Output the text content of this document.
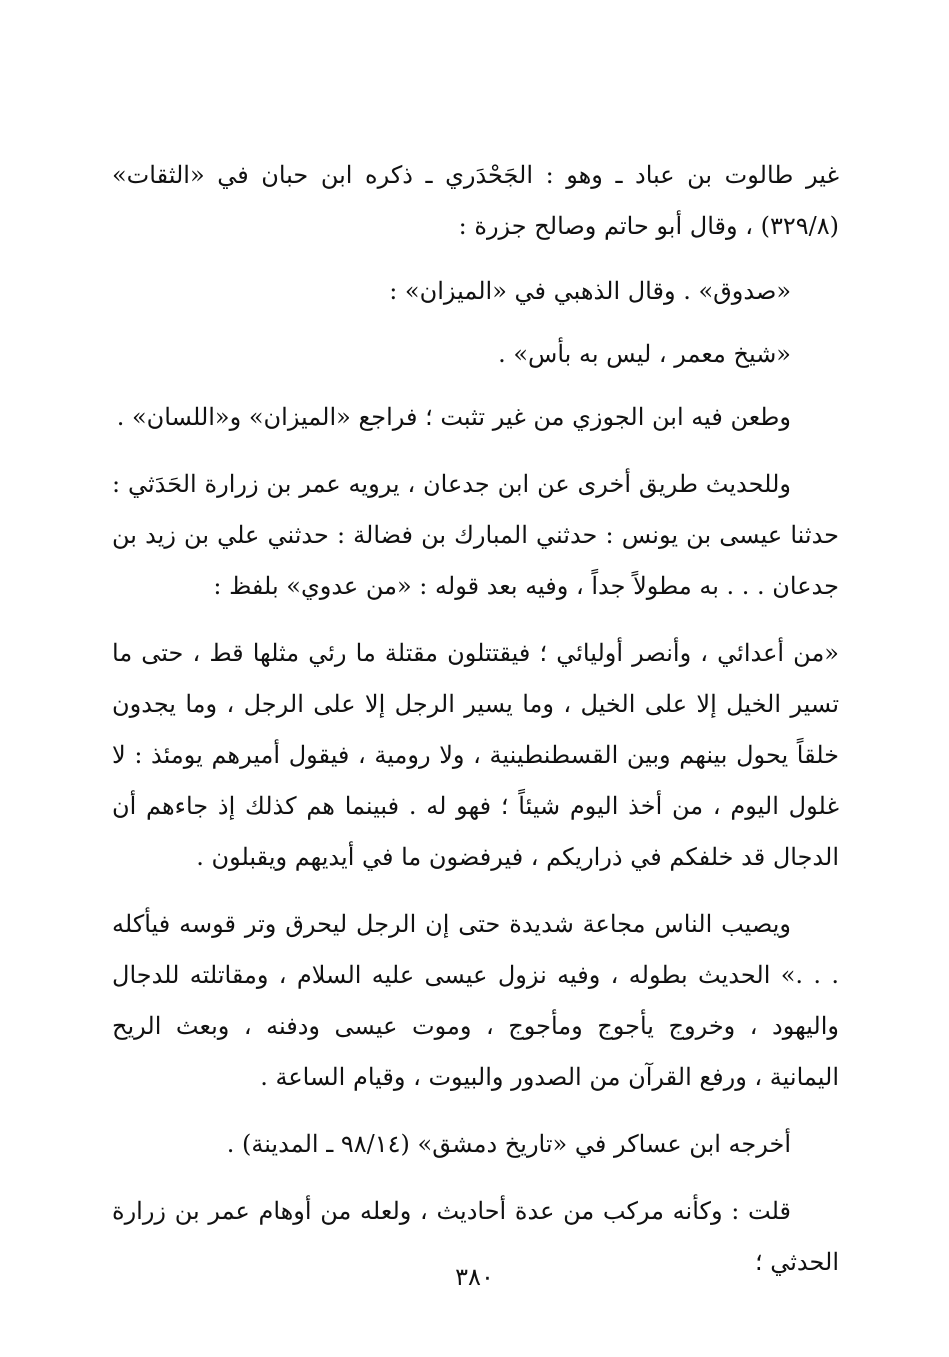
غير طالوت بن عباد ـ وهو : الجَحْدَري ـ ذكره ابن حبان في «الثقات» (٣٢٩/٨) ، وقال أبو حاتم وصالح جزرة :

«صدوق» . وقال الذهبي في «الميزان» :

«شيخ معمر ، ليس به بأس» .

وطعن فيه ابن الجوزي من غير تثبت ؛ فراجع «الميزان» و«اللسان» .

وللحديث طريق أخرى عن ابن جدعان ، يرويه عمر بن زرارة الحَدَثي : حدثنا عيسى بن يونس : حدثني المبارك بن فضالة : حدثني علي بن زيد بن جدعان . . . به مطولاً جداً ، وفيه بعد قوله : «من عدوي» بلفظ :

«من أعدائي ، وأنصر أوليائي ؛ فيقتتلون مقتلة ما رئي مثلها قط ، حتى ما تسير الخيل إلا على الخيل ، وما يسير الرجل إلا على الرجل ، وما يجدون خلقاً يحول بينهم وبين القسطنطينية ، ولا رومية ، فيقول أميرهم يومئذ : لا غلول اليوم ، من أخذ اليوم شيئاً ؛ فهو له . فبينما هم كذلك إذ جاءهم أن الدجال قد خلفكم في ذراريكم ، فيرفضون ما في أيديهم ويقبلون .

ويصيب الناس مجاعة شديدة حتى إن الرجل ليحرق وتر قوسه فيأكله . . .» الحديث بطوله ، وفيه نزول عيسى عليه السلام ، ومقاتلته للدجال واليهود ، وخروج يأجوج ومأجوج ، وموت عيسى ودفنه ، وبعث الريح اليمانية ، ورفع القرآن من الصدور والبيوت ، وقيام الساعة .

أخرجه ابن عساكر في «تاريخ دمشق» (٩٨/١٤ ـ المدينة) .

قلت : وكأنه مركب من عدة أحاديث ، ولعله من أوهام عمر بن زرارة الحدثي ؛

٣٨٠
